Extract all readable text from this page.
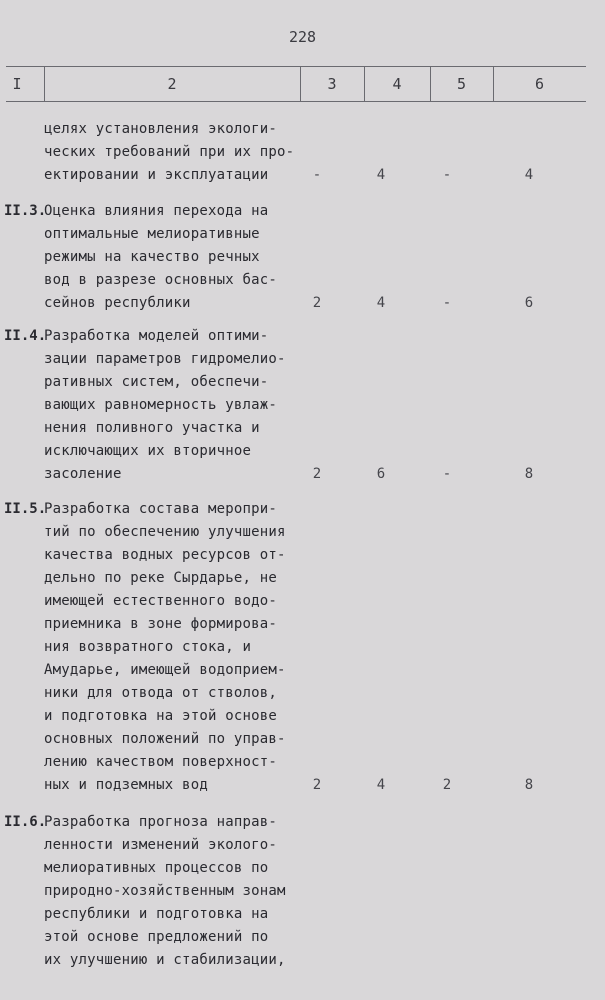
228
I	2	3	4	5	6
целях установления экологи-
ческих требований при их про-
ектировании и эксплуатации	-	4	-	4
II.3.
Оценка влияния перехода на
оптимальные мелиоративные
режимы на качество речных
вод в разрезе основных бас-
сейнов республики	2	4	-	6
II.4.
Разработка моделей оптими-
зации параметров гидромелио-
ративных систем, обеспечи-
вающих равномерность увлаж-
нения поливного участка и
исключающих их вторичное
засоление	2	6	-	8
II.5.
Разработка состава меропри-
тий по обеспечению улучшения
качества водных ресурсов от-
дельно по реке Сырдарье, не
имеющей естественного водо-
приемника в зоне формирова-
ния возвратного стока, и
Амударье, имеющей водоприем-
ники для отвода от стволов,
и подготовка на этой основе
основных положений по управ-
лению качеством поверхност-
ных и подземных вод	2	4	2	8
II.6.
Разработка прогноза направ-
ленности изменений эколого-
мелиоративных процессов по
природно-хозяйственным зонам
республики и подготовка на
этой основе предложений по
их улучшению и стабилизации,
